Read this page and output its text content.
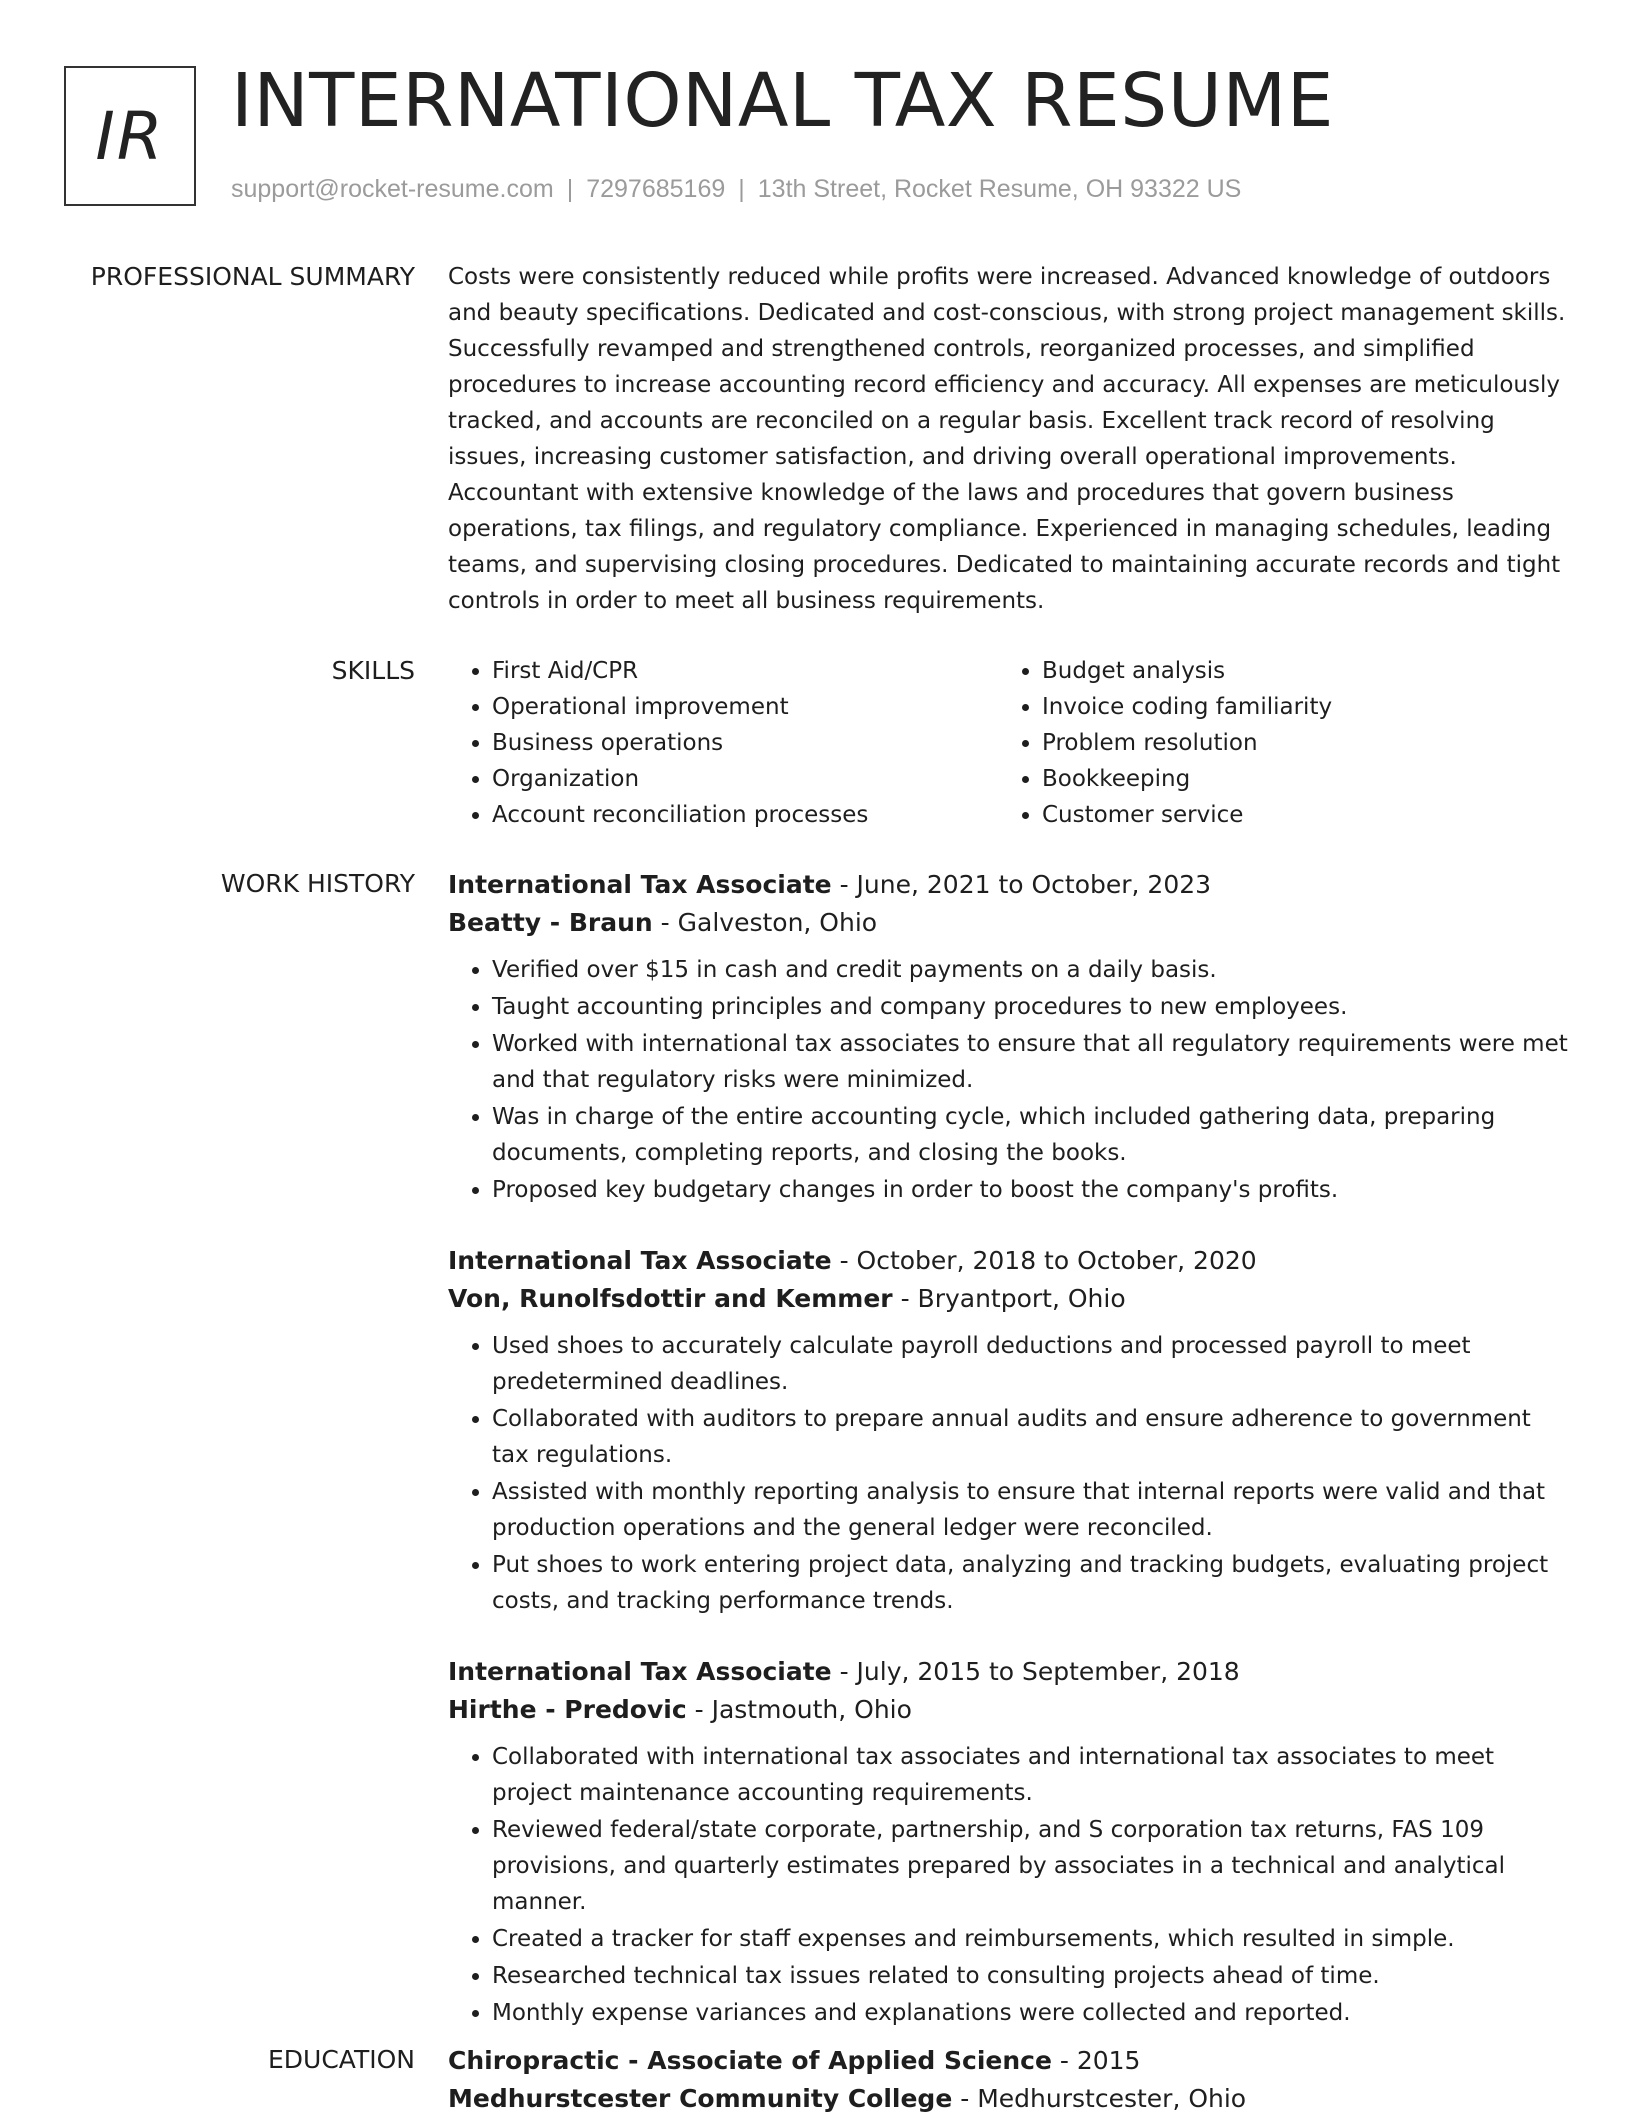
IR INTERNATIONAL TAX RESUME
support@rocket-resume.com | 7297685169 | 13th Street, Rocket Resume, OH 93322 US
PROFESSIONAL SUMMARY Costs were consistently reduced while profits were increased. Advanced knowledge of outdoors and beauty specifications. Dedicated and cost-conscious, with strong project management skills. Successfully revamped and strengthened controls, reorganized processes, and simplified procedures to increase accounting record efficiency and accuracy. All expenses are meticulously tracked, and accounts are reconciled on a regular basis. Excellent track record of resolving issues, increasing customer satisfaction, and driving overall operational improvements. Accountant with extensive knowledge of the laws and procedures that govern business operations, tax filings, and regulatory compliance. Experienced in managing schedules, leading teams, and supervising closing procedures. Dedicated to maintaining accurate records and tight controls in order to meet all business requirements.

SKILLS
•	First Aid/CPR
• Operational improvement
• Business operations
• Organization
• Account reconciliation processes
• Budget analysis
• Invoice coding familiarity
• Problem resolution
• Bookkeeping
• Customer service
WORK HISTORY International Tax Associate - June, 2021 to October, 2023
Beatty - Braun - Galveston, Ohio
• Verified over $15 in cash and credit payments on a daily basis.
• Taught accounting principles and company procedures to new employees.
• Worked with international tax associates to ensure that all regulatory requirements were met and that regulatory risks were minimized.
• Was in charge of the entire accounting cycle, which included gathering data, preparing documents, completing reports, and closing the books.
• Proposed key budgetary changes in order to boost the company's profits.
International Tax Associate - October, 2018 to October, 2020
Von, Runolfsdottir and Kemmer - Bryantport, Ohio
• Used shoes to accurately calculate payroll deductions and processed payroll to meet predetermined deadlines.
• Collaborated with auditors to prepare annual audits and ensure adherence to government tax regulations.
• Assisted with monthly reporting analysis to ensure that internal reports were valid and that production operations and the general ledger were reconciled.
• Put shoes to work entering project data, analyzing and tracking budgets, evaluating project costs, and tracking performance trends.
International Tax Associate - July, 2015 to September, 2018
Hirthe - Predovic - Jastmouth, Ohio
• Collaborated with international tax associates and international tax associates to meet project maintenance accounting requirements.
• Reviewed federal/state corporate, partnership, and S corporation tax returns, FAS 109 provisions, and quarterly estimates prepared by associates in a technical and analytical manner.
• Created a tracker for staff expenses and reimbursements, which resulted in simple.
• Researched technical tax issues related to consulting projects ahead of time.
• Monthly expense variances and explanations were collected and reported.
EDUCATION Chiropractic - Associate of Applied Science - 2015
Medhurstcester Community College - Medhurstcester, Ohio
